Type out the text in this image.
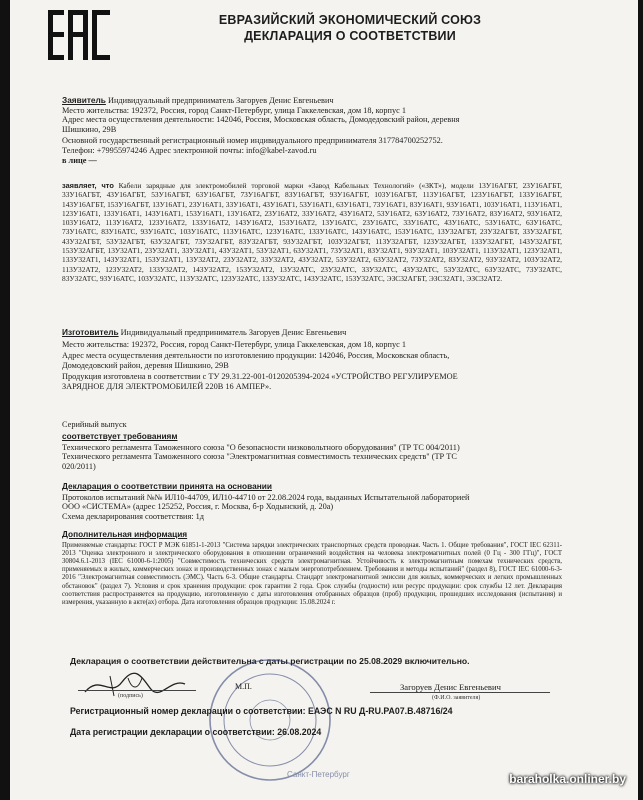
ЕВРАЗИЙСКИЙ ЭКОНОМИЧЕСКИЙ СОЮЗ
ДЕКЛАРАЦИЯ О СООТВЕТСТВИИ
Заявитель Индивидуальный предприниматель Загоруев Денис Евгеньевич
Место жительства: 192372, Россия, город Санкт-Петербург, улица Гаккелевская, дом 18, корпус 1
Адрес места осуществления деятельности: 142046, Россия, Московская область, Домодедовский район, деревня
Шишкино, 29В
Основной государственный регистрационный номер индивидуального предпринимателя 317784700252752.
Телефон: +79955974246 Адрес электронной почты: info@kabel-zavod.ru
в лице —
заявляет, что Кабели зарядные для электромобилей торговой марки «Завод Кабельных Технологий» («ЗКТ»), модели 13У16АГБТ, 23У16АГБТ, 33У16АГБТ, 43У16АГБТ, 53У16АГБТ, 63У16АГБТ, 73У16АГБТ, 83У16АГБТ, 93У16АГБТ, 103У16АГБТ, 113У16АГБТ, 123У16АГБТ, 133У16АГБТ, 143У16АГБТ, 153У16АГБТ, 13У16АТ1, 23У16АТ1, 33У16АТ1, 43У16АТ1, 53У16АТ1, 63У16АТ1, 73У16АТ1, 83У16АТ1, 93У16АТ1, 103У16АТ1, 113У16АТ1, 123У16АТ1, 133У16АТ1, 143У16АТ1, 153У16АТ1, 13У16АТ2, 23У16АТ2, 33У16АТ2, 43У16АТ2, 53У16АТ2, 63У16АТ2, 73У16АТ2, 83У16АТ2, 93У16АТ2, 103У16АТ2, 113У16АТ2, 123У16АТ2, 133У16АТ2, 143У16АТ2, 153У16АТ2, 13У16АТС, 23У16АТС, 33У16АТС, 43У16АТС, 53У16АТС, 63У16АТС, 73У16АТС, 83У16АТС, 93У16АТС, 103У16АТС, 113У16АТС, 123У16АТС, 133У16АТС, 143У16АТС, 153У16АТС, 13У32АГБТ, 23У32АГБТ, 33У32АГБТ, 43У32АГБТ, 53У32АГБТ, 63У32АГБТ, 73У32АГБТ, 83У32АГБТ, 93У32АГБТ, 103У32АГБТ, 113У32АГБТ, 123У32АГБТ, 133У32АГБТ, 143У32АГБТ, 153У32АГБТ, 13У32АТ1, 23У32АТ1, 33У32АТ1, 43У32АТ1, 53У32АТ1, 63У32АТ1, 73У32АТ1, 83У32АТ1, 93У32АТ1, 103У32АТ1, 113У32АТ1, 123У32АТ1, 133У32АТ1, 143У32АТ1, 153У32АТ1, 13У32АТ2, 23У32АТ2, 33У32АТ2, 43У32АТ2, 53У32АТ2, 63У32АТ2, 73У32АТ2, 83У32АТ2, 93У32АТ2, 103У32АТ2, 113У32АТ2, 123У32АТ2, 133У32АТ2, 143У32АТ2, 153У32АТ2, 13У32АТС, 23У32АТС, 33У32АТС, 43У32АТС, 53У32АТС, 63У32АТС, 73У32АТС, 83У32АТС, 93У16АТС, 103У32АТС, 113У32АТС, 123У32АТС, 133У32АТС, 143У32АТС, 153У32АТС, ЭЗС32АГБТ, ЭЗС32АТ1, ЭЗС32АТ2.
Изготовитель Индивидуальный предприниматель Загоруев Денис Евгеньевич
Место жительства: 192372, Россия, город Санкт-Петербург, улица Гаккелевская, дом 18, корпус 1
Адрес места осуществления деятельности по изготовлению продукции: 142046, Россия, Московская область,
Домодедовский район, деревня Шишкино, 29В
Продукция изготовлена в соответствии с ТУ 29.31.22-001-0120205394-2024 «УСТРОЙСТВО РЕГУЛИРУЕМОЕ
ЗАРЯДНОЕ ДЛЯ ЭЛЕКТРОМОБИЛЕЙ 220В 16 АМПЕР».
Серийный выпуск
соответствует требованиям
Технического регламента Таможенного союза "О безопасности низковольтного оборудования" (ТР ТС 004/2011)
Технического регламента Таможенного союза "Электромагнитная совместимость технических средств" (ТР ТС
020/2011)
Декларация о соответствии принята на основании
Протоколов испытаний №№ ИЛ10-44709, ИЛ10-44710 от 22.08.2024 года, выданных Испытательной лабораторией
ООО «СИСТЕМА» (адрес 125252, Россия, г. Москва, б-р Ходынский, д. 20а)
Схема декларирования соответствия: 1д
Дополнительная информация
Применяемые стандарты: ГОСТ Р МЭК 61851-1-2013 "Система зарядки электрических транспортных средств проводная. Часть 1. Общие требования", ГОСТ IEC 62311-2013 "Оценка электронного и электрического оборудования в отношении ограничений воздействия на человека электромагнитных полей (0 Гц - 300 ГГц)", ГОСТ 30804.6.1-2013 (IEC 61000-6-1:2005) "Совместимость технических средств электромагнитная. Устойчивость к электромагнитным помехам технических средств, применяемых в жилых, коммерческих зонах и производственных зонах с малым энергопотреблением. Требования и методы испытаний" (раздел 8), ГОСТ IEC 61000-6-3-2016 "Электромагнитная совместимость (ЭМС). Часть 6-3. Общие стандарты. Стандарт электромагнитной эмиссии для жилых, коммерческих и легких промышленных обстановок" (раздел 7). Условия и срок хранения продукции: срок гарантии 2 года. Срок службы (годности) или ресурс продукции: срок службы 12 лет. Декларация соответствия распространяется на продукцию, изготовленную с даты изготовления отобранных образцов (проб) продукции, прошедших исследования (испытания) и измерения, указанную в акте(ах) отбора. Дата изготовления образцов продукции: 15.08.2024 г.
Декларация о соответствии действительна с даты регистрации по 25.08.2029 включительно.
Санкт-Петербург
(подпись)
М.П.	Загоруев Денис Евгеньевич
(Ф.И.О. заявителя)
Регистрационный номер декларации о соответствии: ЕАЭС N RU Д-RU.РА07.В.48716/24
Дата регистрации декларации о соответствии: 26.08.2024
baraholka.onliner.by
